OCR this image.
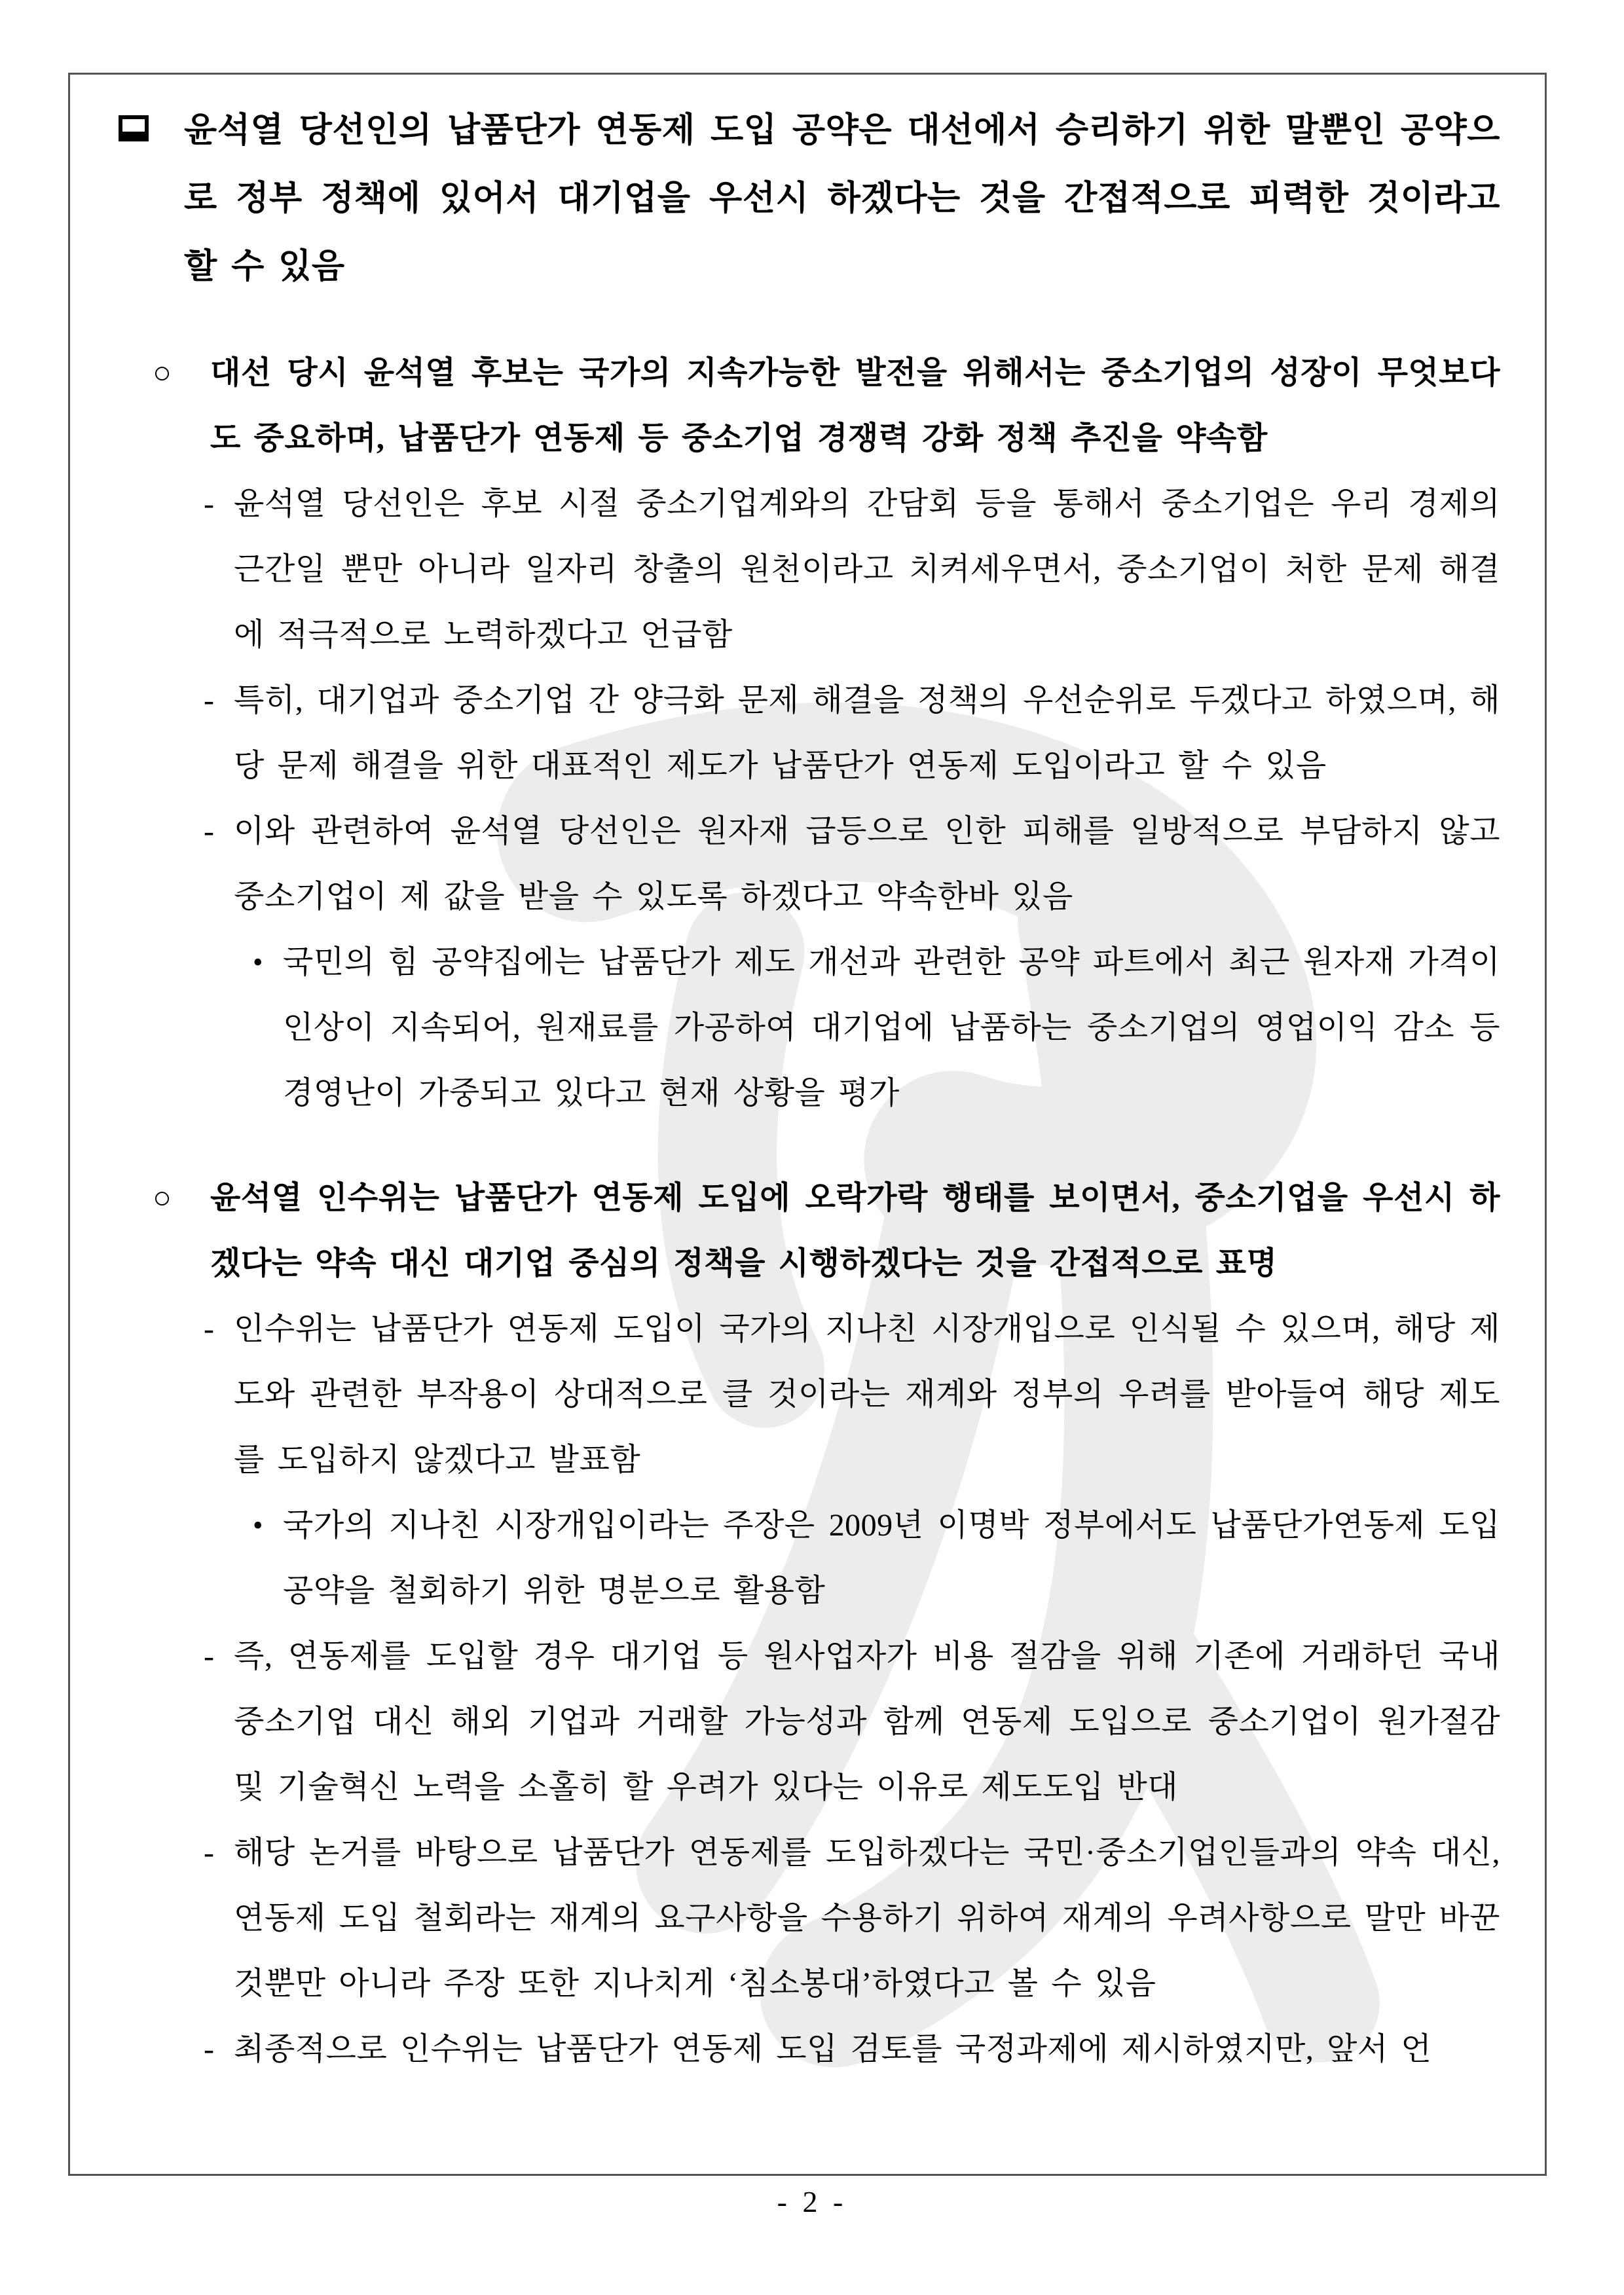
윤석열 당선인의 납품단가 연동제 도입 공약은 대선에서 승리하기 위한 말뿐인 공약으로 정부 정책에 있어서 대기업을 우선시 하겠다는 것을 간접적으로 피력한 것이라고 할 수 있음
○	대선 당시 윤석열 후보는 국가의 지속가능한 발전을 위해서는 중소기업의 성장이 무엇보다도 중요하며, 납품단가 연동제 등 중소기업 경쟁력 강화 정책 추진을 약속함
- 윤석열 당선인은 후보 시절 중소기업계와의 간담회 등을 통해서 중소기업은 우리 경제의 근간일 뿐만 아니라 일자리 창출의 원천이라고 치켜세우면서, 중소기업이 처한 문제 해결에 적극적으로 노력하겠다고 언급함
- 특히, 대기업과 중소기업 간 양극화 문제 해결을 정책의 우선순위로 두겠다고 하였으며, 해당 문제 해결을 위한 대표적인 제도가 납품단가 연동제 도입이라고 할 수 있음
- 이와 관련하여 윤석열 당선인은 원자재 급등으로 인한 피해를 일방적으로 부담하지 않고 중소기업이 제 값을 받을 수 있도록 하겠다고 약속한바 있음
• 국민의 힘 공약집에는 납품단가 제도 개선과 관련한 공약 파트에서 최근 원자재 가격이 인상이 지속되어, 원재료를 가공하여 대기업에 납품하는 중소기업의 영업이익 감소 등 경영난이 가중되고 있다고 현재 상황을 평가
○	윤석열 인수위는 납품단가 연동제 도입에 오락가락 행태를 보이면서, 중소기업을 우선시 하겠다는 약속 대신 대기업 중심의 정책을 시행하겠다는 것을 간접적으로 표명
- 인수위는 납품단가 연동제 도입이 국가의 지나친 시장개입으로 인식될 수 있으며, 해당 제도와 관련한 부작용이 상대적으로 클 것이라는 재계와 정부의 우려를 받아들여 해당 제도를 도입하지 않겠다고 발표함
• 국가의 지나친 시장개입이라는 주장은 2009년 이명박 정부에서도 납품단가연동제 도입 공약을 철회하기 위한 명분으로 활용함
- 즉, 연동제를 도입할 경우 대기업 등 원사업자가 비용 절감을 위해 기존에 거래하던 국내 중소기업 대신 해외 기업과 거래할 가능성과 함께 연동제 도입으로 중소기업이 원가절감 및 기술혁신 노력을 소홀히 할 우려가 있다는 이유로 제도도입 반대
- 해당 논거를 바탕으로 납품단가 연동제를 도입하겠다는 국민·중소기업인들과의 약속 대신, 연동제 도입 철회라는 재계의 요구사항을 수용하기 위하여 재계의 우려사항으로 말만 바꾼 것뿐만 아니라 주장 또한 지나치게 ‘침소봉대’하였다고 볼 수 있음
- 최종적으로 인수위는 납품단가 연동제 도입 검토를 국정과제에 제시하였지만, 앞서 언
- 2 -
